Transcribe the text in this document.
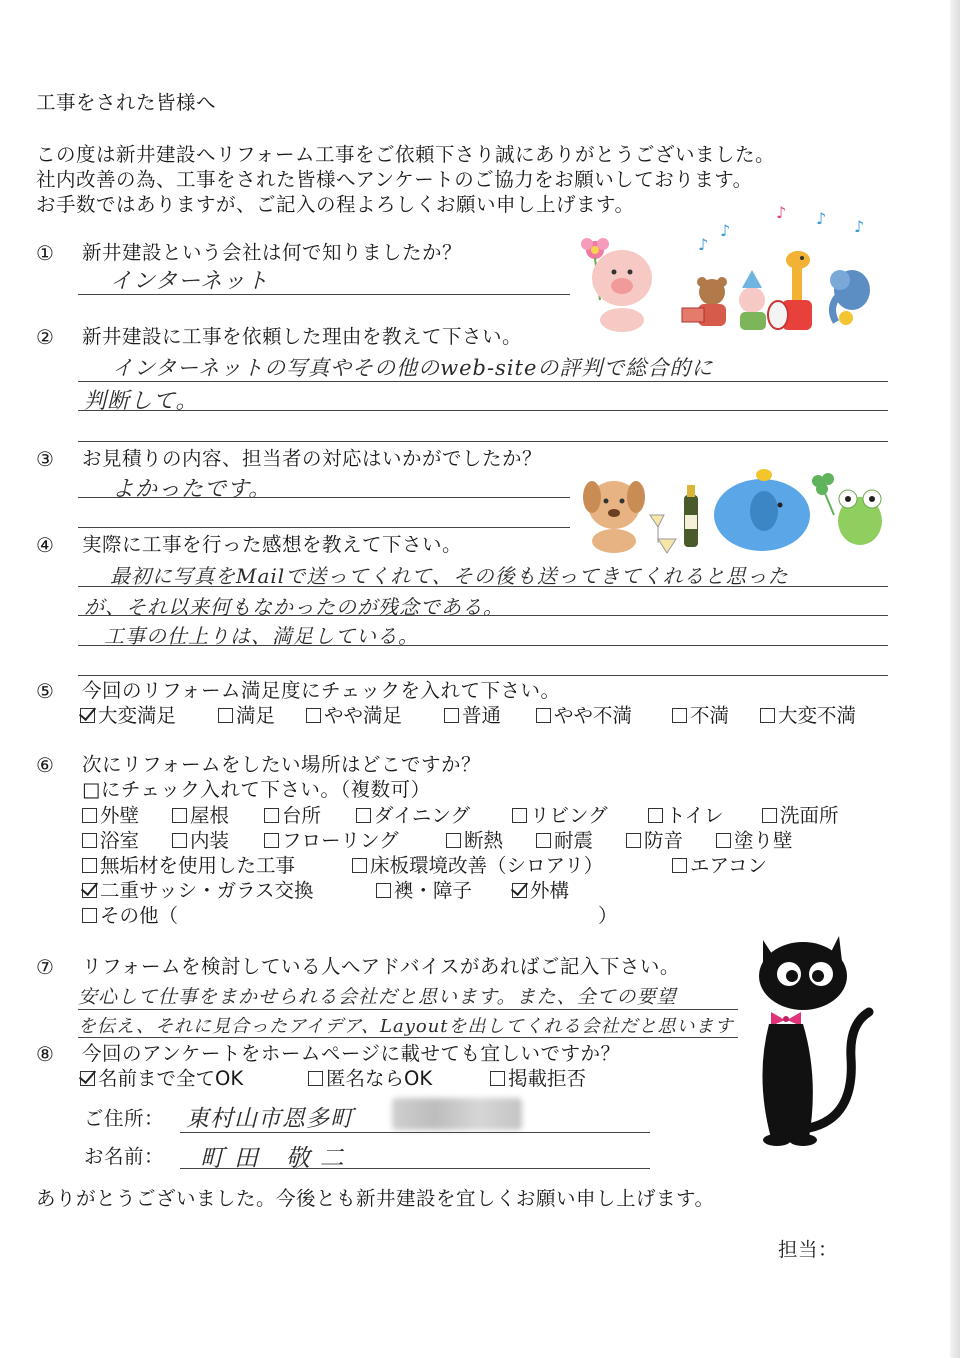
工事をされた皆様へ
この度は新井建設へリフォーム工事をご依頼下さり誠にありがとうございました。
社内改善の為、工事をされた皆様へアンケートのご協力をお願いしております。
お手数ではありますが、ご記入の程よろしくお願い申し上げます。
① 新井建設という会社は何で知りましたか？
インターネット
② 新井建設に工事を依頼した理由を教えて下さい。
インターネットの写真やその他のweb-siteの評判で総合的に
判断して。
③ お見積りの内容、担当者の対応はいかがでしたか？
よかったです。
④ 実際に工事を行った感想を教えて下さい。
最初に写真をMailで送ってくれて、その後も送ってきてくれると思った
が、それ以来何もなかったのが残念である。
工事の仕上りは、満足している。
⑤ 今回のリフォーム満足度にチェックを入れて下さい。
大変満足	満足	やや満足	普通	やや不満	不満	大変不満
⑥ 次にリフォームをしたい場所はどこですか？
□にチェック入れて下さい。（複数可）
外壁	屋根	台所	ダイニング	リビング	トイレ	洗面所
浴室	内装	フローリング	断熱	耐震	防音	塗り壁
無垢材を使用した工事	床板環境改善（シロアリ）	エアコン
二重サッシ・ガラス交換	襖・障子	外構
その他（	）
⑦ リフォームを検討している人へアドバイスがあればご記入下さい。
安心して仕事をまかせられる会社だと思います。また、全ての要望
を伝え、それに見合ったアイデア、Layoutを出してくれる会社だと思います
⑧ 今回のアンケートをホームページに載せても宜しいですか？
名前まで全てOK	匿名ならOK	掲載拒否
ご住所： 東村山市恩多町
お名前： 町田 敬二
ありがとうございました。今後とも新井建設を宜しくお願い申し上げます。
担当：
♪
♪
♪ ♪ ♪
